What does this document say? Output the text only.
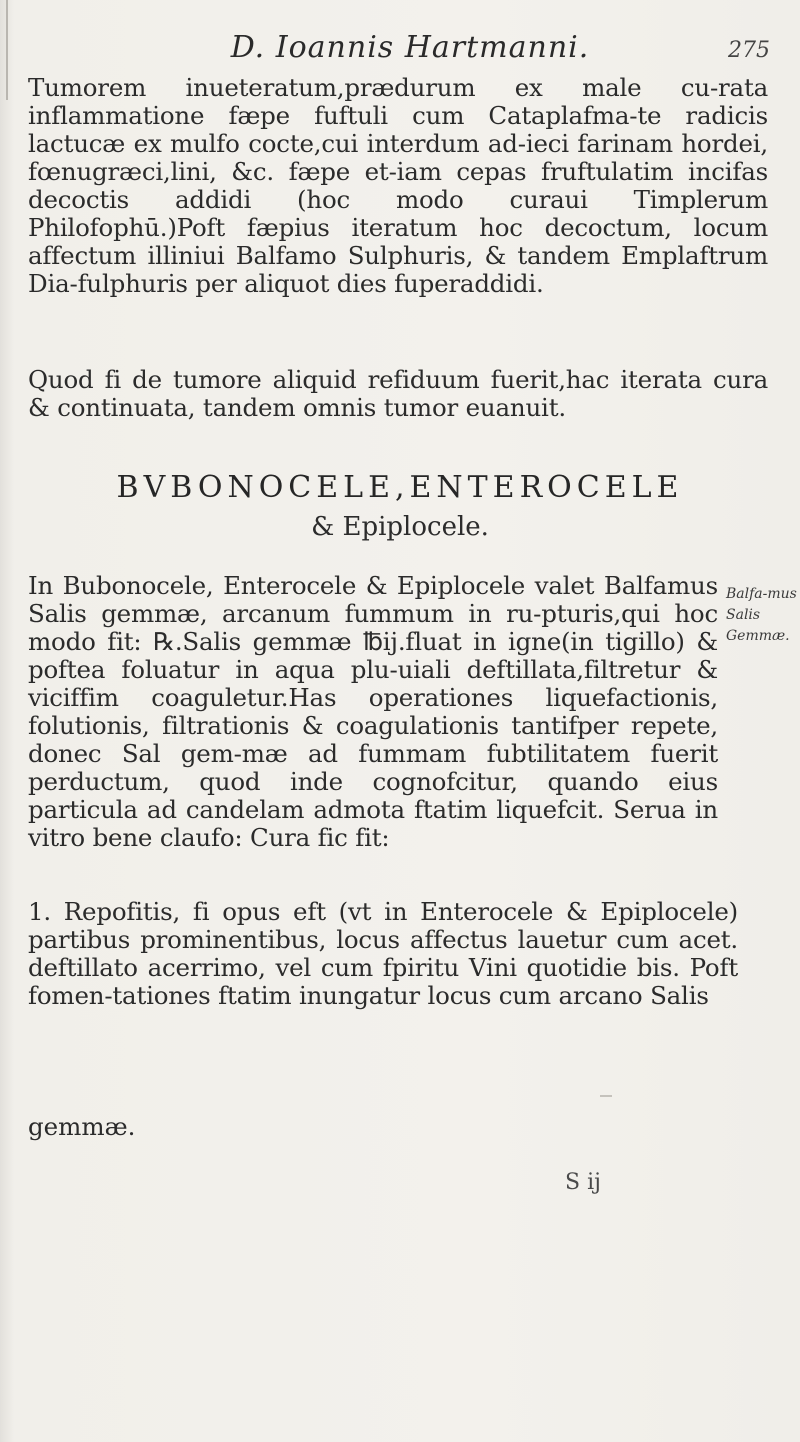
D. Ioannis Hartmanni.	275
Tumorem inueteratum,prædurum ex male cu-rata inflammatione fæpe fuftuli cum Cataplafma-te radicis lactucæ ex mulfo cocte,cui interdum ad-ieci farinam hordei, fœnugræci,lini, &c. fæpe et-iam cepas fruftulatim incifas decoctis addidi (hoc modo curaui Timplerum Philofophū.)Poft fæpius iteratum hoc decoctum, locum affectum illiniui Balfamo Sulphuris, & tandem Emplaftrum Dia-fulphuris per aliquot dies fuperaddidi.
Quod fi de tumore aliquid refiduum fuerit,hac iterata cura & continuata, tandem omnis tumor euanuit.
BVBONOCELE,ENTEROCELE
& Epiplocele.
In Bubonocele, Enterocele & Epiplocele valet Balfamus Salis gemmæ, arcanum fummum in ru-pturis,qui hoc modo fit: ℞.Salis gemmæ ℔ij.fluat in igne(in tigillo) & poftea foluatur in aqua plu-uiali deftillata,filtretur & viciffim coaguletur.Has operationes liquefactionis, folutionis, filtrationis & coagulationis tantifper repete, donec Sal gem-mæ ad fummam fubtilitatem fuerit perductum, quod inde cognofcitur, quando eius particula ad candelam admota ftatim liquefcit. Serua in vitro bene claufo: Cura fic fit:
Balfa-mus Salis Gemmæ.
1. Repofitis, fi opus eft (vt in Enterocele & Epiplocele) partibus prominentibus, locus affectus lauetur cum acet. deftillato acerrimo, vel cum fpiritu Vini quotidie bis. Poft fomen-tationes ftatim inungatur locus cum arcano Salis
gemmæ.
S ij
